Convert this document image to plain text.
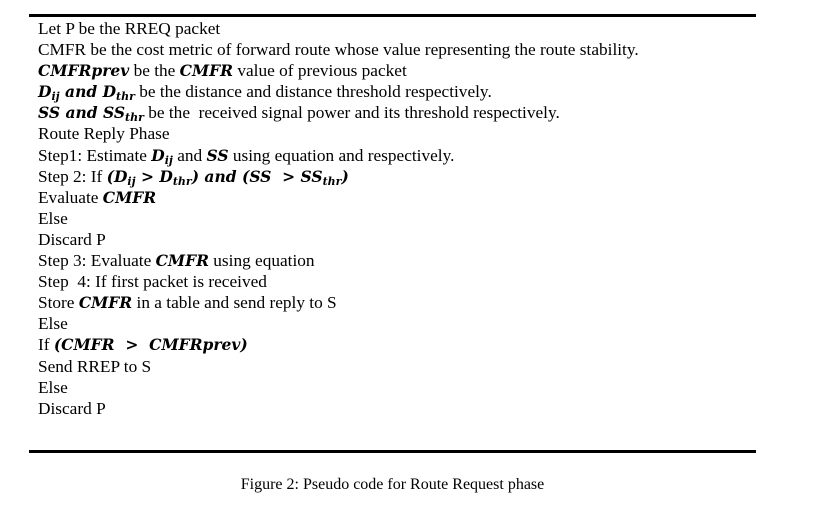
Let P be the RREQ packet
CMFR be the cost metric of forward route whose value representing the route stability.
CMFRprev be the CMFR value of previous packet
$D_{ij}$ and $D_{thr}$ be the distance and distance threshold respectively.
SS and $SS_{thr}$ be the  received signal power and its threshold respectively.
Route Reply Phase
Step1: Estimate $D_{ij}$ and SS using equation and respectively.
Step 2: If $(D_{ij} > D_{thr})$ and $(SS > SS_{thr})$
Evaluate CMFR
Else
Discard P
Step 3: Evaluate CMFR using equation
Step  4: If first packet is received
Store CMFR in a table and send reply to S
Else
If (CMFR  >  CMFRprev)
Send RREP to S
Else
Discard P
Figure 2: Pseudo code for Route Request phase
